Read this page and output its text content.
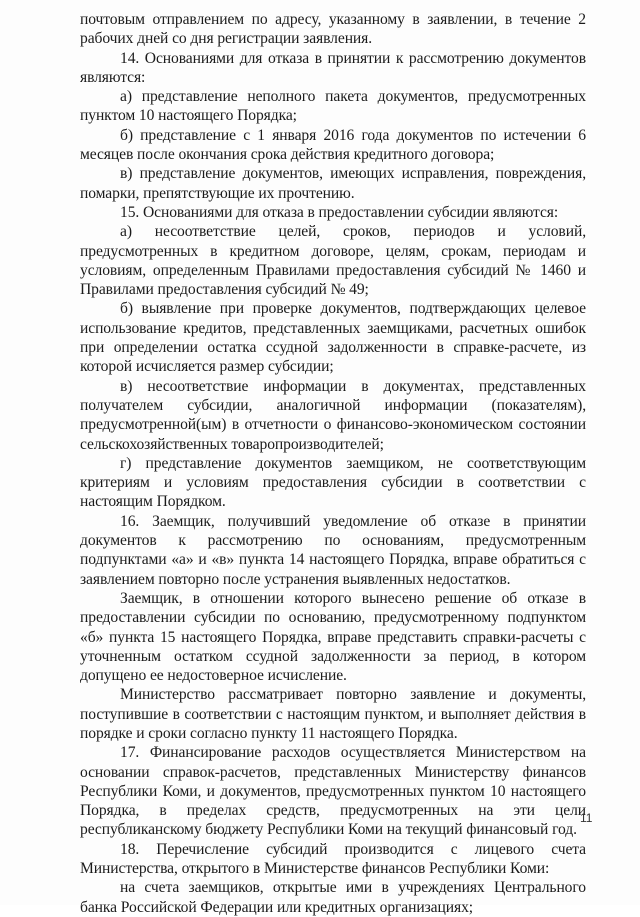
почтовым отправлением по адресу, указанному в заявлении, в течение 2 рабочих дней со дня регистрации заявления.

14. Основаниями для отказа в принятии к рассмотрению документов являются:

а) представление неполного пакета документов, предусмотренных пунктом 10 настоящего Порядка;

б) представление с 1 января 2016 года документов по истечении 6 месяцев после окончания срока действия кредитного договора;

в) представление документов, имеющих исправления, повреждения, помарки, препятствующие их прочтению.

15. Основаниями для отказа в предоставлении субсидии являются:

а) несоответствие целей, сроков, периодов и условий, предусмотренных в кредитном договоре, целям, срокам, периодам и условиям, определенным Правилами предоставления субсидий № 1460 и Правилами предоставления субсидий № 49;

б) выявление при проверке документов, подтверждающих целевое использование кредитов, представленных заемщиками, расчетных ошибок при определении остатка ссудной задолженности в справке-расчете, из которой исчисляется размер субсидии;

в) несоответствие информации в документах, представленных получателем субсидии, аналогичной информации (показателям), предусмотренной(ым) в отчетности о финансово-экономическом состоянии сельскохозяйственных товаропроизводителей;

г) представление документов заемщиком, не соответствующим критериям и условиям предоставления субсидии в соответствии с настоящим Порядком.

16. Заемщик, получивший уведомление об отказе в принятии документов к рассмотрению по основаниям, предусмотренным подпунктами «а» и «в» пункта 14 настоящего Порядка, вправе обратиться с заявлением повторно после устранения выявленных недостатков.

Заемщик, в отношении которого вынесено решение об отказе в предоставлении субсидии по основанию, предусмотренному подпунктом «б» пункта 15 настоящего Порядка, вправе представить справки-расчеты с уточненным остатком ссудной задолженности за период, в котором допущено ее недостоверное исчисление.

Министерство рассматривает повторно заявление и документы, поступившие в соответствии с настоящим пунктом, и выполняет действия в порядке и сроки согласно пункту 11 настоящего Порядка.

17. Финансирование расходов осуществляется Министерством на основании справок-расчетов, представленных Министерству финансов Республики Коми, и документов, предусмотренных пунктом 10 настоящего Порядка, в пределах средств, предусмотренных на эти цели республиканскому бюджету Республики Коми на текущий финансовый год.

18. Перечисление субсидий производится с лицевого счета Министерства, открытого в Министерстве финансов Республики Коми:

на счета заемщиков, открытые ими в учреждениях Центрального банка Российской Федерации или кредитных организациях;

11
